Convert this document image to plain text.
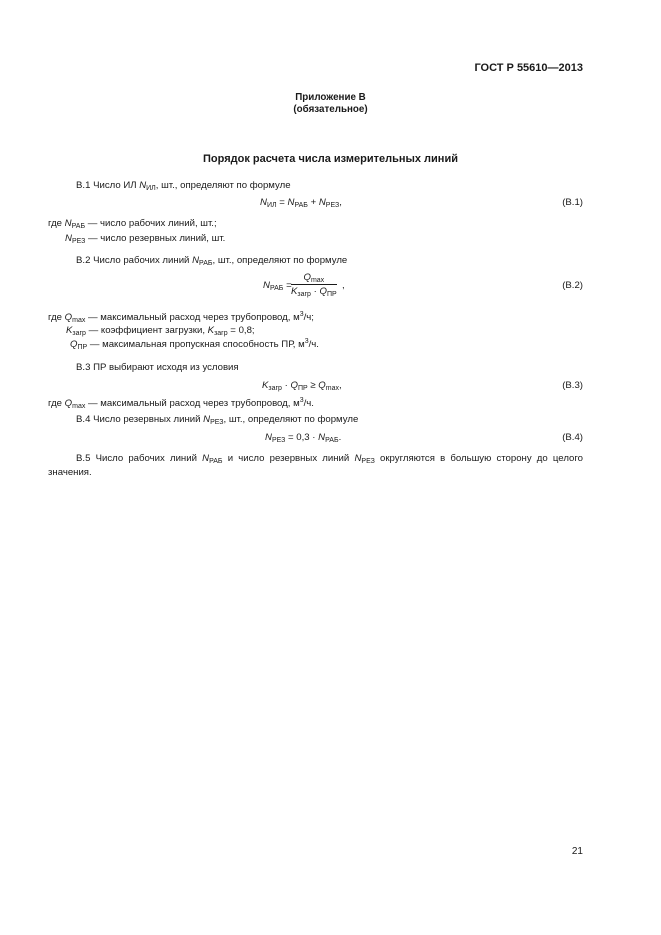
ГОСТ Р 55610—2013
Приложение В
(обязательное)
Порядок расчета числа измерительных линий
В.1 Число ИЛ $N_{ИЛ}$, шт., определяют по формуле
$N_{ИЛ} = N_{РАБ} + N_{РЕЗ}$,	(В.1)
где $N_{РАБ}$ — число рабочих линий, шт.;
$N_{РЕЗ}$ — число резервных линий, шт.
В.2 Число рабочих линий $N_{РАБ}$, шт., определяют по формуле
$N_{РАБ}$ =
$Q_{max}$
$K_{загр} \cdot Q_{ПР}$
,	(В.2)
где $Q_{max}$ — максимальный расход через трубопровод, $м^3/ч$;
$K_{загр}$ — коэффициент загрузки, $K_{загр} = 0,8$;
$Q_{ПР}$ — максимальная пропускная способность ПР, $м^3/ч$.
В.3 ПР выбирают исходя из условия
$K_{загр} \cdot Q_{ПР} \ge Q_{max}$,	(В.3)
где $Q_{max}$ — максимальный расход через трубопровод, $м^3/ч$.
В.4 Число резервных линий $N_{РЕЗ}$, шт., определяют по формуле
$N_{РЕЗ} = 0,3 \cdot N_{РАБ}$.	(В.4)
В.5 Число рабочих линий $N_{РАБ}$ и число резервных линий $N_{РЕЗ}$ округляются в большую сторону до целого
значения.
21
